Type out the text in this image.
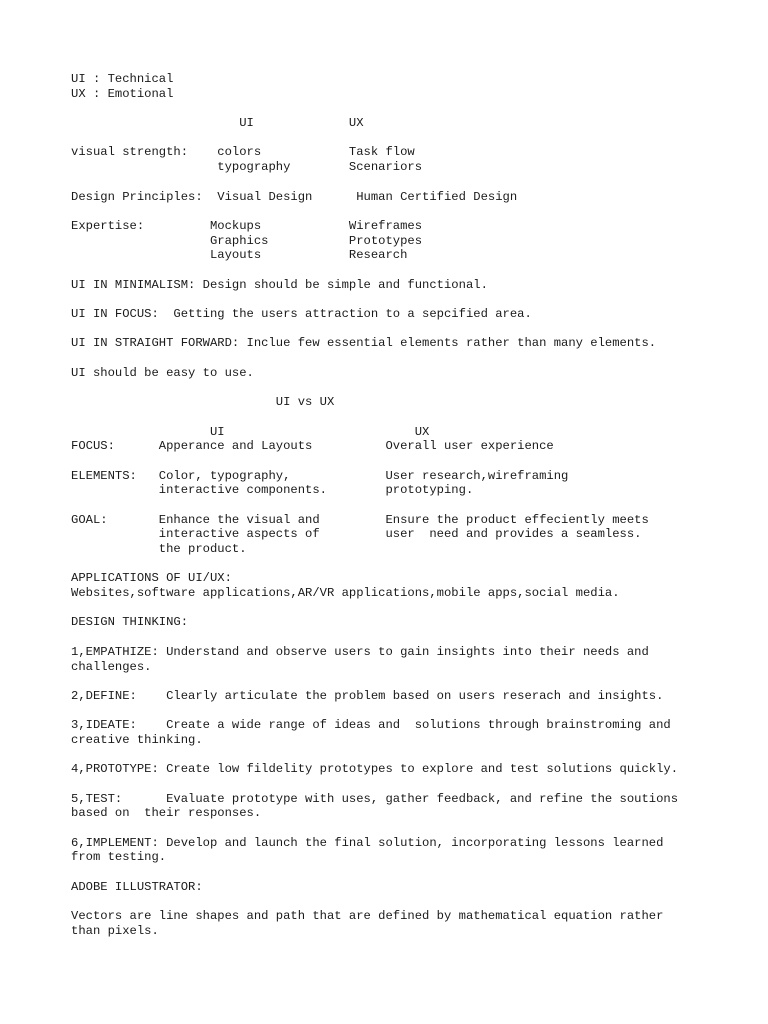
UI : Technical
UX : Emotional
UI             UX
visual strength:    colors            Task flow
typography        Scenariors
Design Principles:  Visual Design      Human Certified Design
Expertise:         Mockups            Wireframes
Graphics           Prototypes
Layouts            Research
UI IN MINIMALISM: Design should be simple and functional.
UI IN FOCUS:  Getting the users attraction to a sepcified area.
UI IN STRAIGHT FORWARD: Inclue few essential elements rather than many elements.
UI should be easy to use.
UI vs UX
UI                          UX
FOCUS:      Apperance and Layouts          Overall user experience
ELEMENTS:   Color, typography,             User research,wireframing
interactive components.        prototyping.
GOAL:       Enhance the visual and         Ensure the product effeciently meets
interactive aspects of         user  need and provides a seamless.
the product.
APPLICATIONS OF UI/UX:
Websites,software applications,AR/VR applications,mobile apps,social media.
DESIGN THINKING:
1,EMPATHIZE: Understand and observe users to gain insights into their needs and
challenges.
2,DEFINE:    Clearly articulate the problem based on users reserach and insights.
3,IDEATE:    Create a wide range of ideas and  solutions through brainstroming and
creative thinking.
4,PROTOTYPE: Create low fildelity prototypes to explore and test solutions quickly.
5,TEST:      Evaluate prototype with uses, gather feedback, and refine the soutions
based on  their responses.
6,IMPLEMENT: Develop and launch the final solution, incorporating lessons learned
from testing.
ADOBE ILLUSTRATOR:
Vectors are line shapes and path that are defined by mathematical equation rather
than pixels.
